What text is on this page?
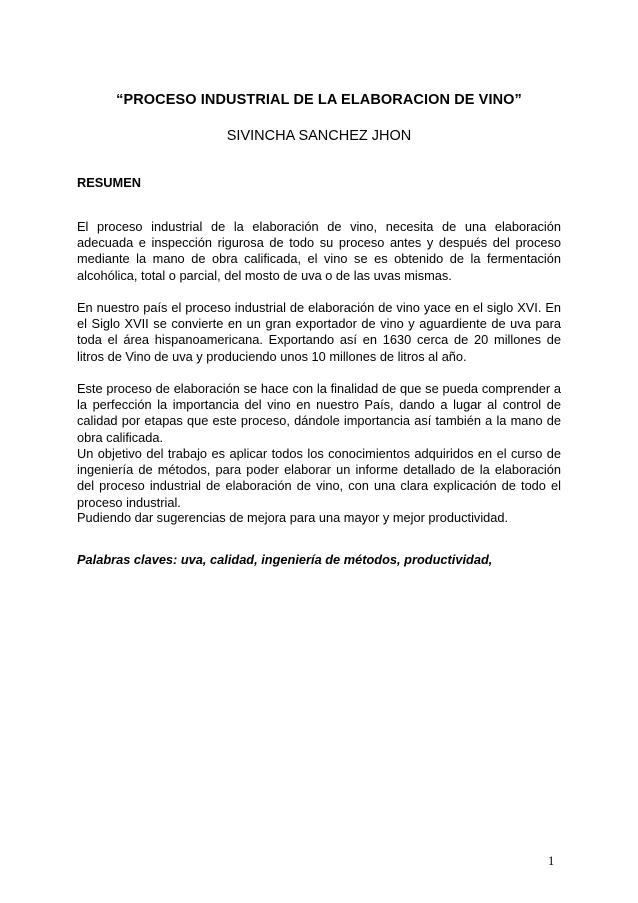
“PROCESO INDUSTRIAL DE LA ELABORACION DE VINO”

SIVINCHA SANCHEZ JHON

RESUMEN

El proceso industrial de la elaboración de vino, necesita de una elaboración adecuada e inspección rigurosa de todo su proceso antes y después del proceso mediante la mano de obra calificada, el vino se es obtenido de la fermentación alcohólica, total o parcial, del mosto de uva o de las uvas mismas.

En nuestro país el proceso industrial de elaboración de vino yace en el siglo XVI. En el Siglo XVII se convierte en un gran exportador de vino y aguardiente de uva para toda el área hispanoamericana. Exportando así en 1630 cerca de 20 millones de litros de Vino de uva y produciendo unos 10 millones de litros al año.

Este proceso de elaboración se hace con la finalidad de que se pueda comprender a la perfección la importancia del vino en nuestro País, dando a lugar al control de calidad por etapas que este proceso, dándole importancia así también a la mano de obra calificada.

Un objetivo del trabajo es aplicar todos los conocimientos adquiridos en el curso de ingeniería de métodos, para poder elaborar un informe detallado de la elaboración del proceso industrial de elaboración de vino, con una clara explicación de todo el proceso industrial.

Pudiendo dar sugerencias de mejora para una mayor y mejor productividad.

Palabras claves: uva, calidad, ingeniería de métodos, productividad,

1
